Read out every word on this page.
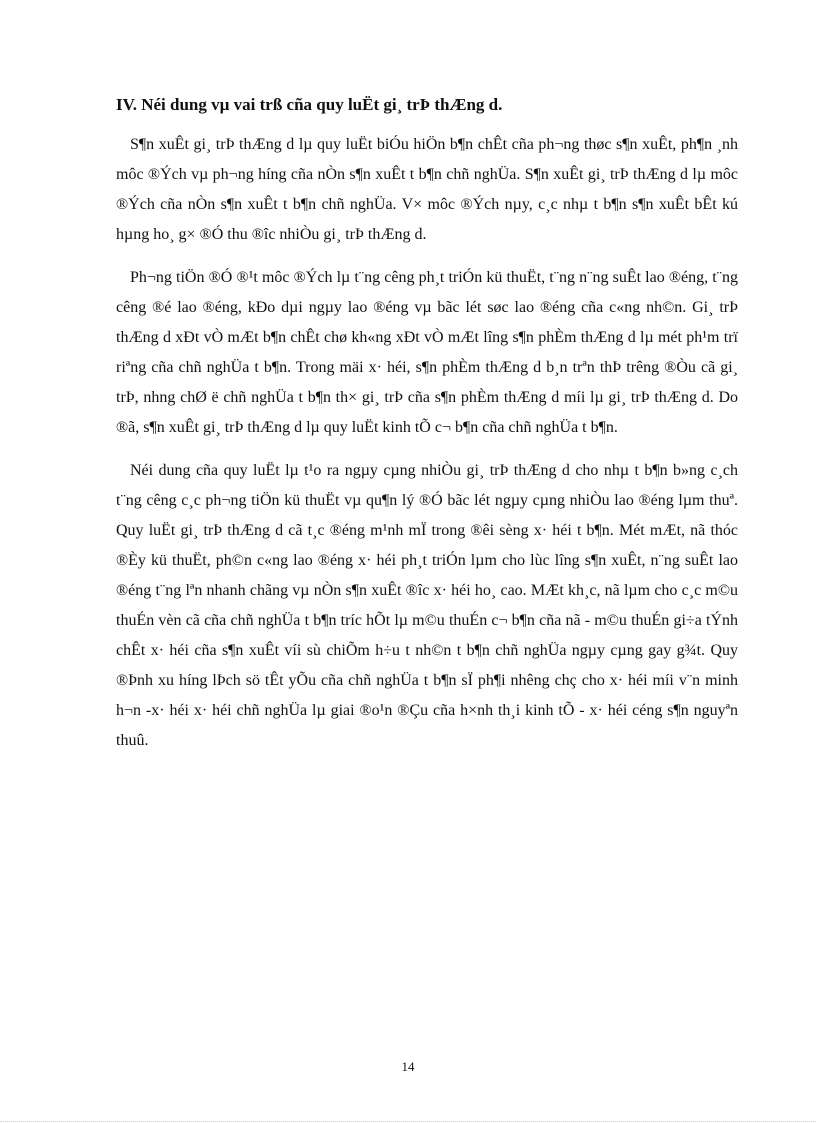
IV. Néi dung vµ vai trß cña quy luËt gi¸ trÞ thÆng d.

S¶n xuÊt gi¸ trÞ thÆng d lµ quy luËt biÓu hiÖn b¶n chÊt cña ph¬ng thøc s¶n xuÊt, ph¶n ¸nh môc ®Ých vµ ph¬ng híng cña nÒn s¶n xuÊt t b¶n chñ nghÜa. S¶n xuÊt gi¸ trÞ thÆng d lµ môc ®Ých cña nÒn s¶n xuÊt t b¶n chñ nghÜa. V× môc ®Ých nµy, c¸c nhµ t b¶n s¶n xuÊt bÊt kú hµng ho¸ g× ®Ó thu ®îc nhiÒu gi¸ trÞ thÆng d.

Ph¬ng tiÖn ®Ó ®¹t môc ®Ých lµ t¨ng cêng ph¸t triÓn kü thuËt, t¨ng n¨ng suÊt lao ®éng, t¨ng cêng ®é lao ®éng, kÐo dµi ngµy lao ®éng vµ bãc lét søc lao ®éng cña c«ng nh©n. Gi¸ trÞ thÆng d xÐt vÒ mÆt b¶n chÊt chø kh«ng xÐt vÒ mÆt lîng s¶n phÈm thÆng d lµ mét ph¹m trï riªng cña chñ nghÜa t b¶n. Trong mäi x· héi, s¶n phÈm thÆng d b¸n trªn thÞ trêng ®Òu cã gi¸ trÞ, nhng chØ ë chñ nghÜa t b¶n th× gi¸ trÞ cña s¶n phÈm thÆng d míi lµ gi¸ trÞ thÆng d. Do ®ã, s¶n xuÊt gi¸ trÞ thÆng d lµ quy luËt kinh tÕ c¬ b¶n cña chñ nghÜa t b¶n.

Néi dung cña quy luËt lµ t¹o ra ngµy cµng nhiÒu gi¸ trÞ thÆng d cho nhµ t b¶n b»ng c¸ch t¨ng cêng c¸c ph¬ng tiÖn kü thuËt vµ qu¶n lý ®Ó bãc lét ngµy cµng nhiÒu lao ®éng lµm thuª. Quy luËt gi¸ trÞ thÆng d cã t¸c ®éng m¹nh mÏ trong ®êi sèng x· héi t b¶n. Mét mÆt, nã thóc ®Èy kü thuËt, ph©n c«ng lao ®éng x· héi ph¸t triÓn lµm cho lùc lîng s¶n xuÊt, n¨ng suÊt lao ®éng t¨ng lªn nhanh chãng vµ nÒn s¶n xuÊt ®îc x· héi ho¸ cao. MÆt kh¸c, nã lµm cho c¸c m©u thuÉn vèn cã cña chñ nghÜa t b¶n tríc hÕt lµ m©u thuÉn c¬ b¶n cña nã - m©u thuÉn gi÷a tÝnh chÊt x· héi cña s¶n xuÊt víi sù chiÕm h÷u t nh©n t b¶n chñ nghÜa ngµy cµng gay g¾t. Quy ®Þnh xu híng lÞch sö tÊt yÕu cña chñ nghÜa t b¶n sÏ ph¶i nhêng chç cho x· héi míi v¨n minh h¬n -x· héi x· héi chñ nghÜa lµ giai ®o¹n ®Çu cña h×nh th¸i kinh tÕ - x· héi céng s¶n nguyªn thuû.

14
